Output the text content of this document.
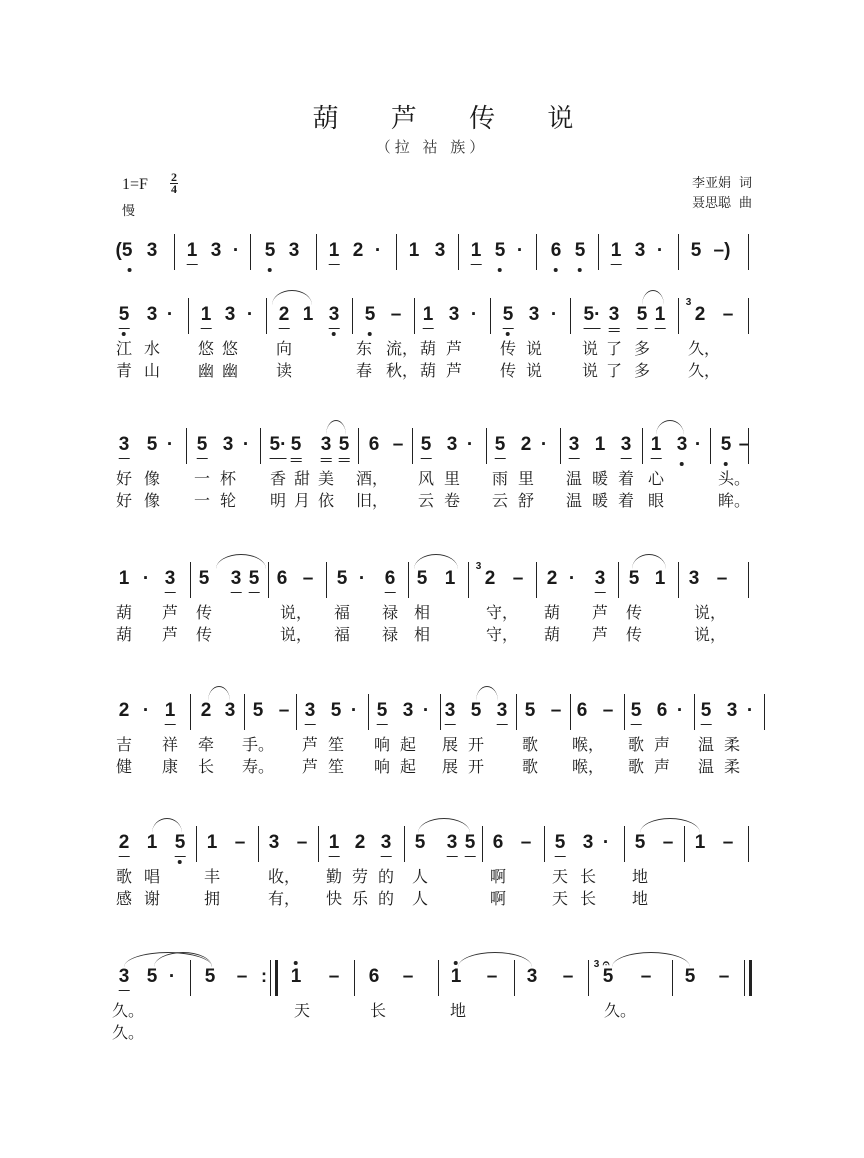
葫 芦 传 说
（拉 祜 族）
1=F 2
4
慢
李亚娟 词
聂思聪 曲
(5 3 1 3 · 5 3 1 2 · 1 3 1 5 · 6 5 1 3 · 5 –)
5 3 · 1 3 · 2 1 3 5 – 1 3 · 5 3 · 5· 3 5 1 2
3
–
江 水 悠 悠 向	东 流， 葫 芦 传 说 说 了 多 久，
青 山 幽 幽 读	春 秋， 葫 芦 传 说 说 了 多 久，
3 5 · 5 3 · 5· 5 3 5 6 – 5 3 · 5 2 · 3 1 3 1 3 · 5 –
好 像 一 杯 香 甜 美 酒， 风 里 雨 里 温 暖 着 心	头。
好 像 一 轮 明 月 依 旧， 云 卷 云 舒 温 暖 着 眼	眸。
1 · 3 5 3 5 6 – 5 · 6 5 1 2
3
– 2 · 3 5 1 3 –
葫 芦 传	说， 福 禄 相	守， 葫 芦 传	说，
葫 芦 传	说， 福 禄 相	守， 葫 芦 传	说，
2 · 1 2 3 5 – 3 5 · 5 3 · 3 5 3 5 – 6 – 5 6 · 5 3 ·
吉 祥 牵 手。 芦 笙 响 起 展 开 歌 喉， 歌 声 温 柔
健 康 长 寿。 芦 笙 响 起 展 开 歌 喉， 歌 声 温 柔
2 1 5 1 – 3 – 1 2 3 5 3 5 6 – 5 3 · 5 – 1 –
歌 唱	丰	收， 勤 劳 的 人	啊	天 长 地
感 谢	拥	有， 快 乐 的 人	啊	天 长 地
3 5 · 5 – : 1 – 6 – 1 – 3 – 5
3 𝄐
– 5 –
久。	天	长	地	久。
久。
